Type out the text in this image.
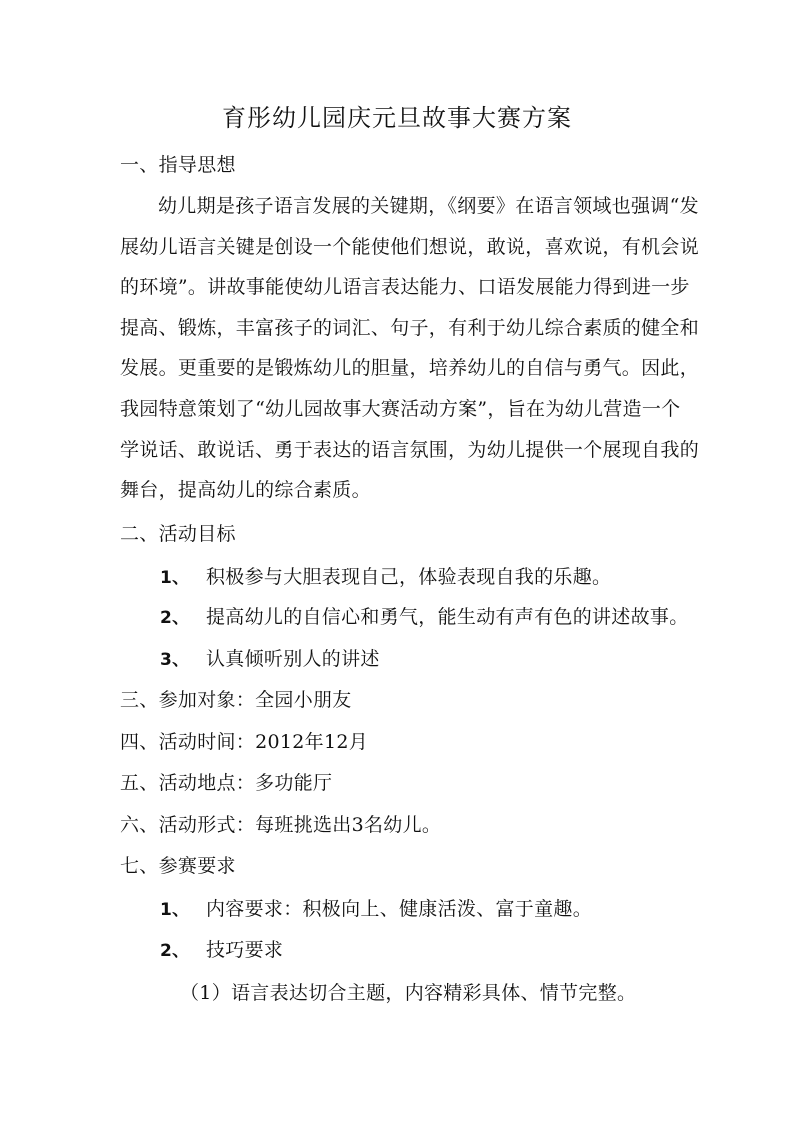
育彤幼儿园庆元旦故事大赛方案
一、指导思想
幼儿期是孩子语言发展的关键期，《纲要》在语言领域也强调“发
展幼儿语言关键是创设一个能使他们想说，敢说，喜欢说，有机会说
的环境”。讲故事能使幼儿语言表达能力、口语发展能力得到进一步
提高、锻炼，丰富孩子的词汇、句子，有利于幼儿综合素质的健全和
发展。更重要的是锻炼幼儿的胆量，培养幼儿的自信与勇气。因此，
我园特意策划了“幼儿园故事大赛活动方案”，旨在为幼儿营造一个
学说话、敢说话、勇于表达的语言氛围，为幼儿提供一个展现自我的
舞台，提高幼儿的综合素质。
二、活动目标
1、 积极参与大胆表现自己，体验表现自我的乐趣。
2、 提高幼儿的自信心和勇气，能生动有声有色的讲述故事。
3、 认真倾听别人的讲述
三、参加对象：全园小朋友
四、活动时间：2012年12月
五、活动地点：多功能厅
六、活动形式：每班挑选出3名幼儿。
七、参赛要求
1、 内容要求：积极向上、健康活泼、富于童趣。
2、 技巧要求
（1）语言表达切合主题，内容精彩具体、情节完整。
